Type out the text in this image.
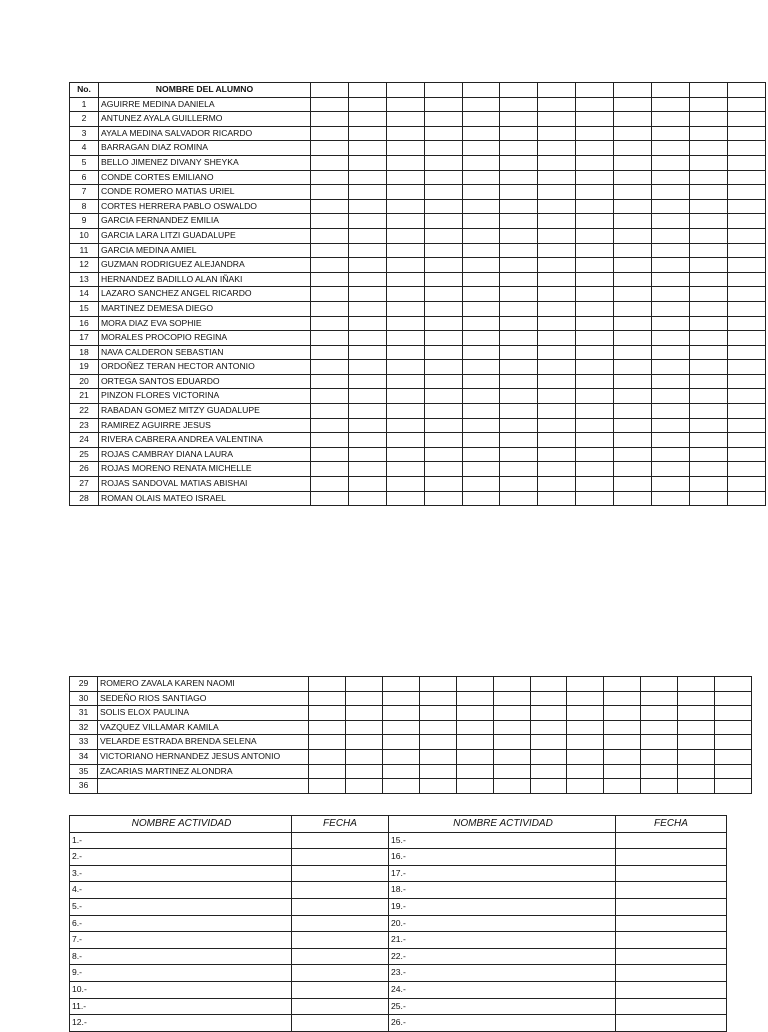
No.	NOMBRE DEL ALUMNO												
1	AGUIRRE MEDINA DANIELA												
2	ANTUNEZ AYALA GUILLERMO												
3	AYALA MEDINA SALVADOR RICARDO												
4	BARRAGAN DIAZ ROMINA												
5	BELLO JIMENEZ DIVANY SHEYKA												
6	CONDE CORTES EMILIANO												
7	CONDE ROMERO MATIAS URIEL												
8	CORTES HERRERA PABLO OSWALDO												
9	GARCIA FERNANDEZ EMILIA												
10	GARCIA LARA LITZI GUADALUPE												
11	GARCIA MEDINA AMIEL												
12	GUZMAN RODRIGUEZ ALEJANDRA												
13	HERNANDEZ BADILLO ALAN IÑAKI												
14	LAZARO SANCHEZ ANGEL RICARDO												
15	MARTINEZ DEMESA DIEGO												
16	MORA DIAZ EVA SOPHIE												
17	MORALES PROCOPIO REGINA												
18	NAVA CALDERON SEBASTIAN												
19	ORDOÑEZ TERAN HECTOR ANTONIO												
20	ORTEGA SANTOS EDUARDO												
21	PINZON FLORES VICTORINA												
22	RABADAN GOMEZ MITZY GUADALUPE												
23	RAMIREZ AGUIRRE JESUS												
24	RIVERA CABRERA ANDREA VALENTINA												
25	ROJAS CAMBRAY DIANA LAURA												
26	ROJAS MORENO RENATA MICHELLE												
27	ROJAS SANDOVAL MATIAS ABISHAI												
28	ROMAN OLAIS MATEO ISRAEL												
29	ROMERO ZAVALA KAREN NAOMI												
30	SEDEÑO RIOS SANTIAGO												
31	SOLIS ELOX PAULINA												
32	VAZQUEZ VILLAMAR KAMILA												
33	VELARDE ESTRADA BRENDA SELENA												
34	VICTORIANO HERNANDEZ JESUS ANTONIO												
35	ZACARIAS MARTINEZ ALONDRA												
36													
NOMBRE ACTIVIDAD	FECHA	NOMBRE ACTIVIDAD	FECHA
1.-		15.-	
2.-		16.-	
3.-		17.-	
4.-		18.-	
5.-		19.-	
6.-		20.-	
7.-		21.-	
8.-		22.-	
9.-		23.-	
10.-		24.-	
11.-		25.-	
12.-		26.-	
